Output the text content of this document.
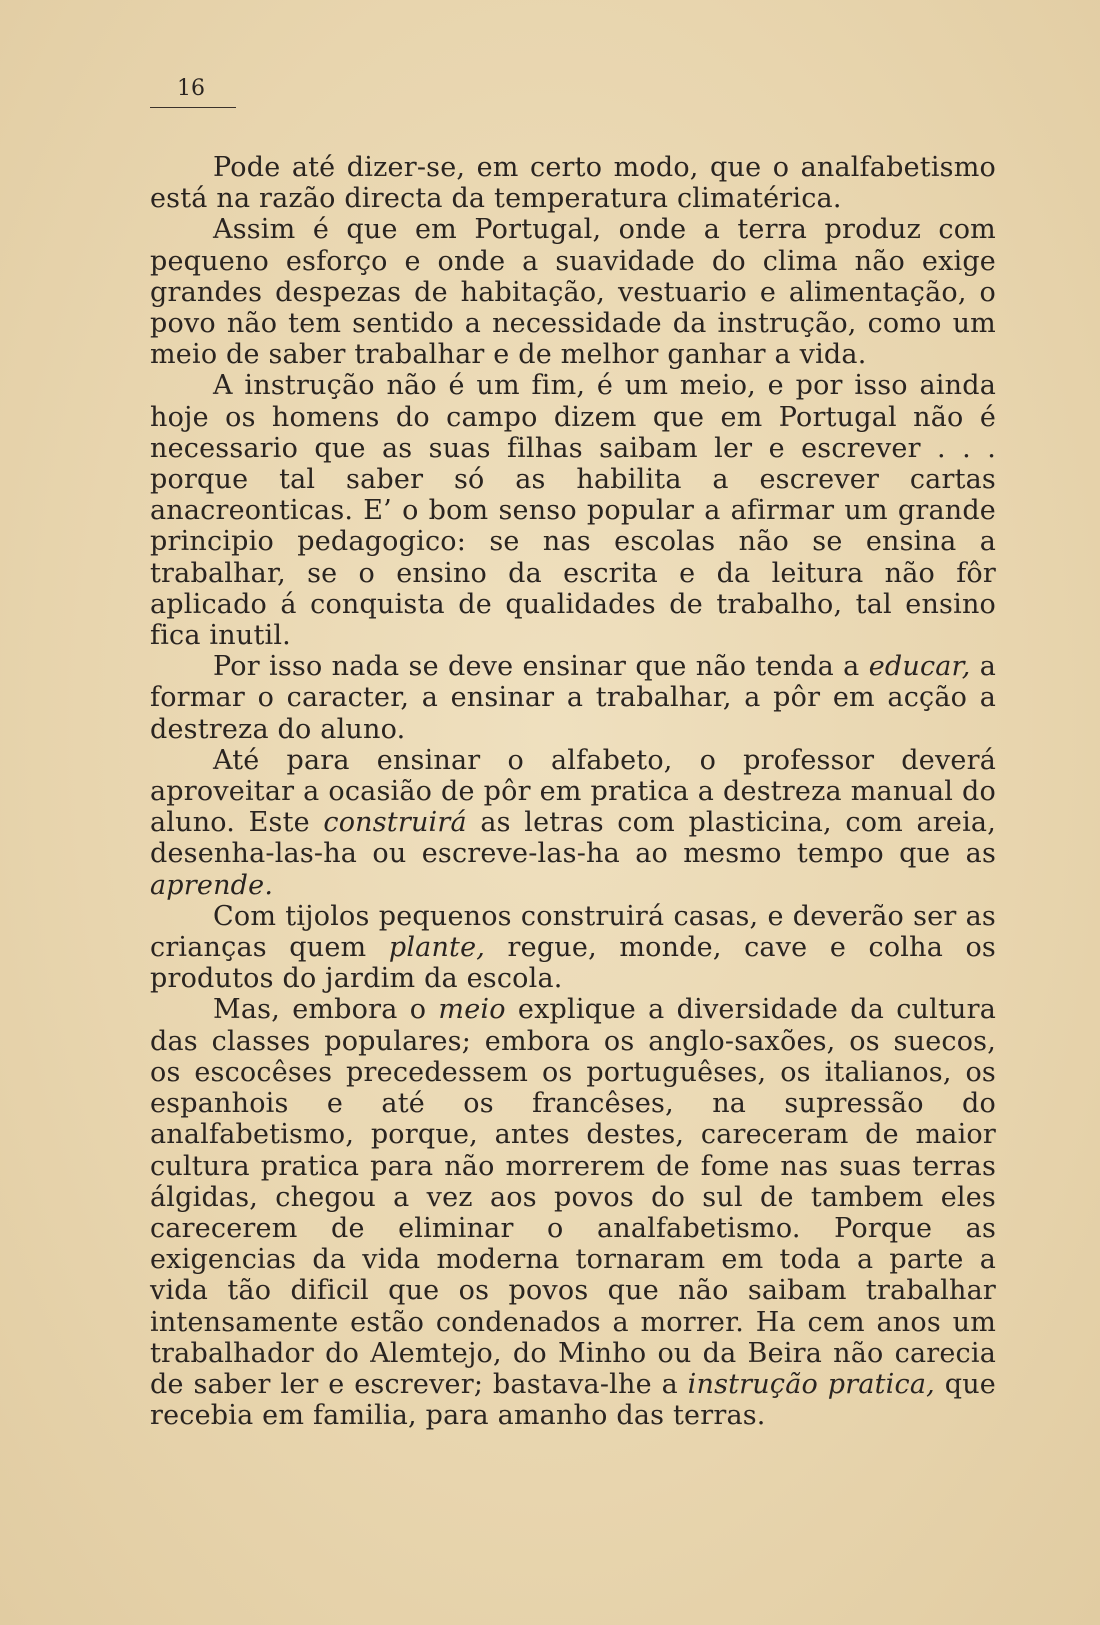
16

Pode até dizer-se, em certo modo, que o analfabetismo está na razão directa da temperatura climatérica.

Assim é que em Portugal, onde a terra produz com pequeno esforço e onde a suavidade do clima não exige grandes despezas de habitação, vestuario e alimentação, o povo não tem sentido a necessidade da instrução, como um meio de saber trabalhar e de melhor ganhar a vida.

A instrução não é um fim, é um meio, e por isso ainda hoje os homens do campo dizem que em Portugal não é necessario que as suas filhas saibam ler e escrever . . . porque tal saber só as habilita a escrever cartas anacreonticas. E’ o bom senso popular a afirmar um grande principio pedagogico: se nas escolas não se ensina a trabalhar, se o ensino da escrita e da leitura não fôr aplicado á conquista de qualidades de trabalho, tal ensino fica inutil.

Por isso nada se deve ensinar que não tenda a educar, a formar o caracter, a ensinar a trabalhar, a pôr em acção a destreza do aluno.

Até para ensinar o alfabeto, o professor deverá aproveitar a ocasião de pôr em pratica a destreza manual do aluno. Este construirá as letras com plasticina, com areia, desenha-las-ha ou escreve-las-ha ao mesmo tempo que as aprende.

Com tijolos pequenos construirá casas, e deverão ser as crianças quem plante, regue, monde, cave e colha os produtos do jardim da escola.

Mas, embora o meio explique a diversidade da cultura das classes populares; embora os anglo-saxões, os suecos, os escocêses precedessem os portuguêses, os italianos, os espanhois e até os francêses, na supressão do analfabetismo, porque, antes destes, careceram de maior cultura pratica para não morrerem de fome nas suas terras álgidas, chegou a vez aos povos do sul de tambem eles carecerem de eliminar o analfabetismo. Porque as exigencias da vida moderna tornaram em toda a parte a vida tão dificil que os povos que não saibam trabalhar intensamente estão condenados a morrer. Ha cem anos um trabalhador do Alemtejo, do Minho ou da Beira não carecia de saber ler e escrever; bastava-lhe a instrução pratica, que recebia em familia, para amanho das terras.
